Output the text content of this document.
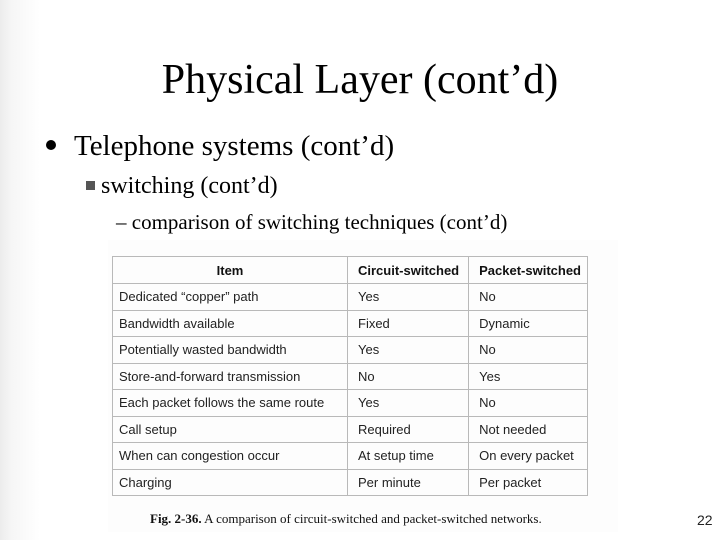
Physical Layer (cont’d)
Telephone systems (cont’d)
switching (cont’d)
– comparison of switching techniques (cont’d)
Item	Circuit-switched	Packet-switched
Dedicated “copper” path	Yes	No
Bandwidth available	Fixed	Dynamic
Potentially wasted bandwidth	Yes	No
Store-and-forward transmission	No	Yes
Each packet follows the same route	Yes	No
Call setup	Required	Not needed
When can congestion occur	At setup time	On every packet
Charging	Per minute	Per packet
Fig. 2-36. A comparison of circuit-switched and packet-switched networks.	22
